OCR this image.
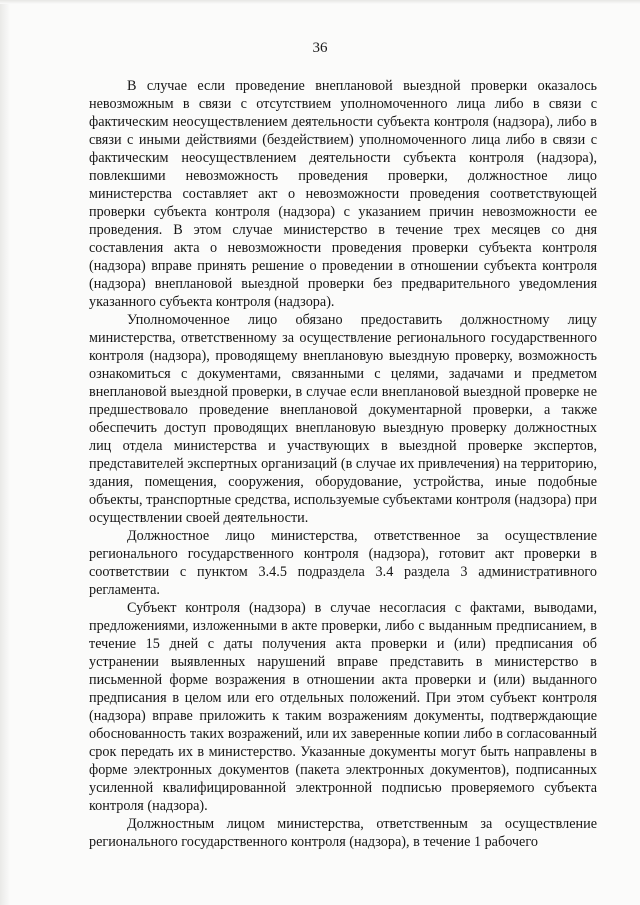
36

В случае если проведение внеплановой выездной проверки оказалось невозможным в связи с отсутствием уполномоченного лица либо в связи с фактическим неосуществлением деятельности субъекта контроля (надзора), либо в связи с иными действиями (бездействием) уполномоченного лица либо в связи с фактическим неосуществлением деятельности субъекта контроля (надзора), повлекшими невозможность проведения проверки, должностное лицо министерства составляет акт о невозможности проведения соответствующей проверки субъекта контроля (надзора) с указанием причин невозможности ее проведения. В этом случае министерство в течение трех месяцев со дня составления акта о невозможности проведения проверки субъекта контроля (надзора) вправе принять решение о проведении в отношении субъекта контроля (надзора) внеплановой выездной проверки без предварительного уведомления указанного субъекта контроля (надзора).

Уполномоченное лицо обязано предоставить должностному лицу министерства, ответственному за осуществление регионального государственного контроля (надзора), проводящему внеплановую выездную проверку, возможность ознакомиться с документами, связанными с целями, задачами и предметом внеплановой выездной проверки, в случае если внеплановой выездной проверке не предшествовало проведение внеплановой документарной проверки, а также обеспечить доступ проводящих внеплановую выездную проверку должностных лиц отдела министерства и участвующих в выездной проверке экспертов, представителей экспертных организаций (в случае их привлечения) на территорию, здания, помещения, сооружения, оборудование, устройства, иные подобные объекты, транспортные средства, используемые субъектами контроля (надзора) при осуществлении своей деятельности.

Должностное лицо министерства, ответственное за осуществление регионального государственного контроля (надзора), готовит акт проверки в соответствии с пунктом 3.4.5 подраздела 3.4 раздела 3 административного регламента.

Субъект контроля (надзора) в случае несогласия с фактами, выводами, предложениями, изложенными в акте проверки, либо с выданным предписанием, в течение 15 дней с даты получения акта проверки и (или) предписания об устранении выявленных нарушений вправе представить в министерство в письменной форме возражения в отношении акта проверки и (или) выданного предписания в целом или его отдельных положений. При этом субъект контроля (надзора) вправе приложить к таким возражениям документы, подтверждающие обоснованность таких возражений, или их заверенные копии либо в согласованный срок передать их в министерство. Указанные документы могут быть направлены в форме электронных документов (пакета электронных документов), подписанных усиленной квалифицированной электронной подписью проверяемого субъекта контроля (надзора).

Должностным лицом министерства, ответственным за осуществление регионального государственного контроля (надзора), в течение 1 рабочего
